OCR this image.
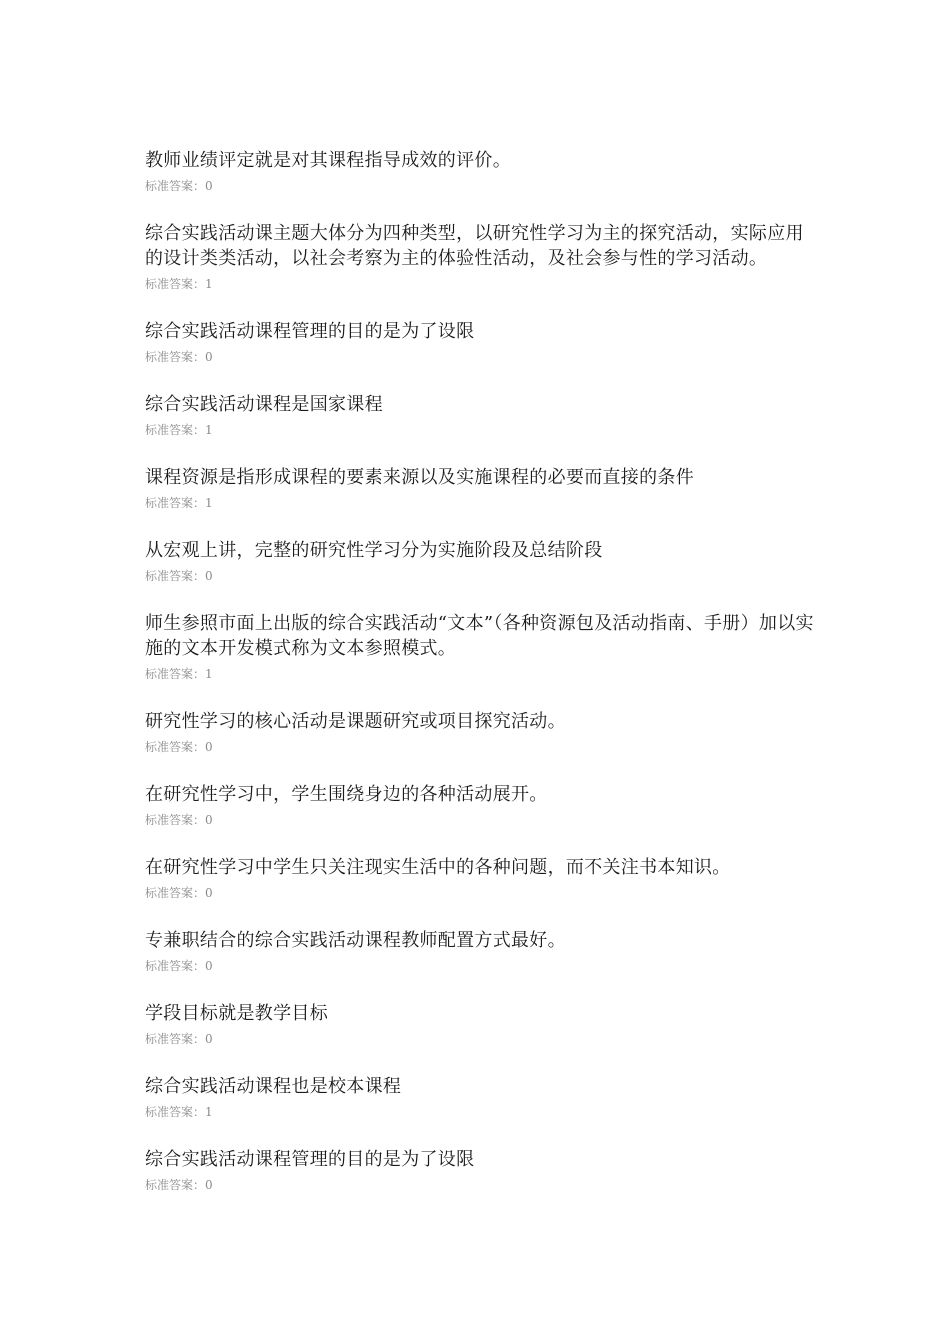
教师业绩评定就是对其课程指导成效的评价。

标准答案：0

综合实践活动课主题大体分为四种类型，以研究性学习为主的探究活动，实际应用的设计类类活动，以社会考察为主的体验性活动，及社会参与性的学习活动。

标准答案：1

综合实践活动课程管理的目的是为了设限

标准答案：0

综合实践活动课程是国家课程

标准答案：1

课程资源是指形成课程的要素来源以及实施课程的必要而直接的条件

标准答案：1

从宏观上讲，完整的研究性学习分为实施阶段及总结阶段

标准答案：0

师生参照市面上出版的综合实践活动“文本”（各种资源包及活动指南、手册）加以实施的文本开发模式称为文本参照模式。

标准答案：1

研究性学习的核心活动是课题研究或项目探究活动。

标准答案：0

在研究性学习中，学生围绕身边的各种活动展开。

标准答案：0

在研究性学习中学生只关注现实生活中的各种问题，而不关注书本知识。

标准答案：0

专兼职结合的综合实践活动课程教师配置方式最好。

标准答案：0

学段目标就是教学目标

标准答案：0

综合实践活动课程也是校本课程

标准答案：1

综合实践活动课程管理的目的是为了设限

标准答案：0
